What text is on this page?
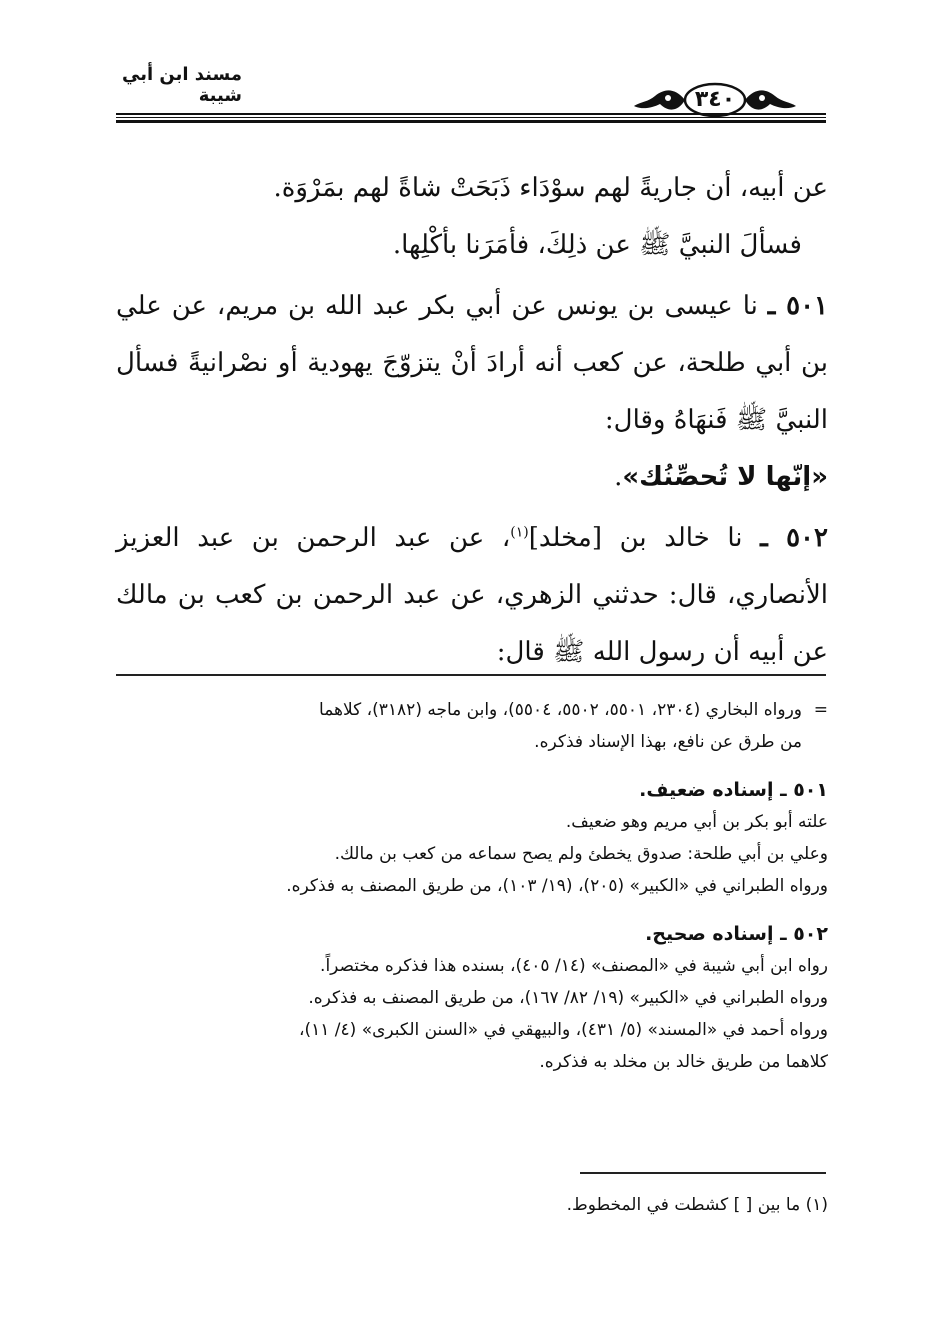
مسند ابن أبي شيبة	٣٤٠

عن أبيه، أن جاريةً لهم سوْدَاء ذَبَحَتْ شاةً لهم بمَرْوَة.

فسألَ النبيَّ ﷺ عن ذلِكَ، فأمَرَنا بأكْلِها.

٥٠١ ـ نا عيسى بن يونس عن أبي بكر عبد الله بن مريم، عن علي بن أبي طلحة، عن كعب أنه أرادَ أنْ يتزوّجَ يهودية أو نصْرانيةً فسأل النبيَّ ﷺ فَنهَاهُ وقال:

«إنّها لا تُحصِّنُك».

٥٠٢ ـ نا خالد بن [مخلد]$^{(١)}$، عن عبد الرحمن بن عبد العزيز الأنصاري، قال: حدثني الزهري، عن عبد الرحمن بن كعب بن مالك عن أبيه أن رسول الله ﷺ قال:

=ورواه البخاري (٢٣٠٤، ٥٥٠١، ٥٥٠٢، ٥٥٠٤)، وابن ماجه (٣١٨٢)، كلاهما

من طرق عن نافع، بهذا الإسناد فذكره.

٥٠١ ـ إسناده ضعيف.

علته أبو بكر بن أبي مريم وهو ضعيف.

وعلي بن أبي طلحة: صدوق يخطئ ولم يصح سماعه من كعب بن مالك.

ورواه الطبراني في «الكبير» (٢٠٥)، (١٩/ ١٠٣)، من طريق المصنف به فذكره.

٥٠٢ ـ إسناده صحيح.

رواه ابن أبي شيبة في «المصنف» (١٤/ ٤٠٥)، بسنده هذا فذكره مختصراً.

ورواه الطبراني في «الكبير» (١٩/ ٨٢/ ١٦٧)، من طريق المصنف به فذكره.

ورواه أحمد في «المسند» (٥/ ٤٣١)، والبيهقي في «السنن الكبرى» (٤/ ١١)،

كلاهما من طريق خالد بن مخلد به فذكره.

(١) ما بين [ ] كشطت في المخطوط.
